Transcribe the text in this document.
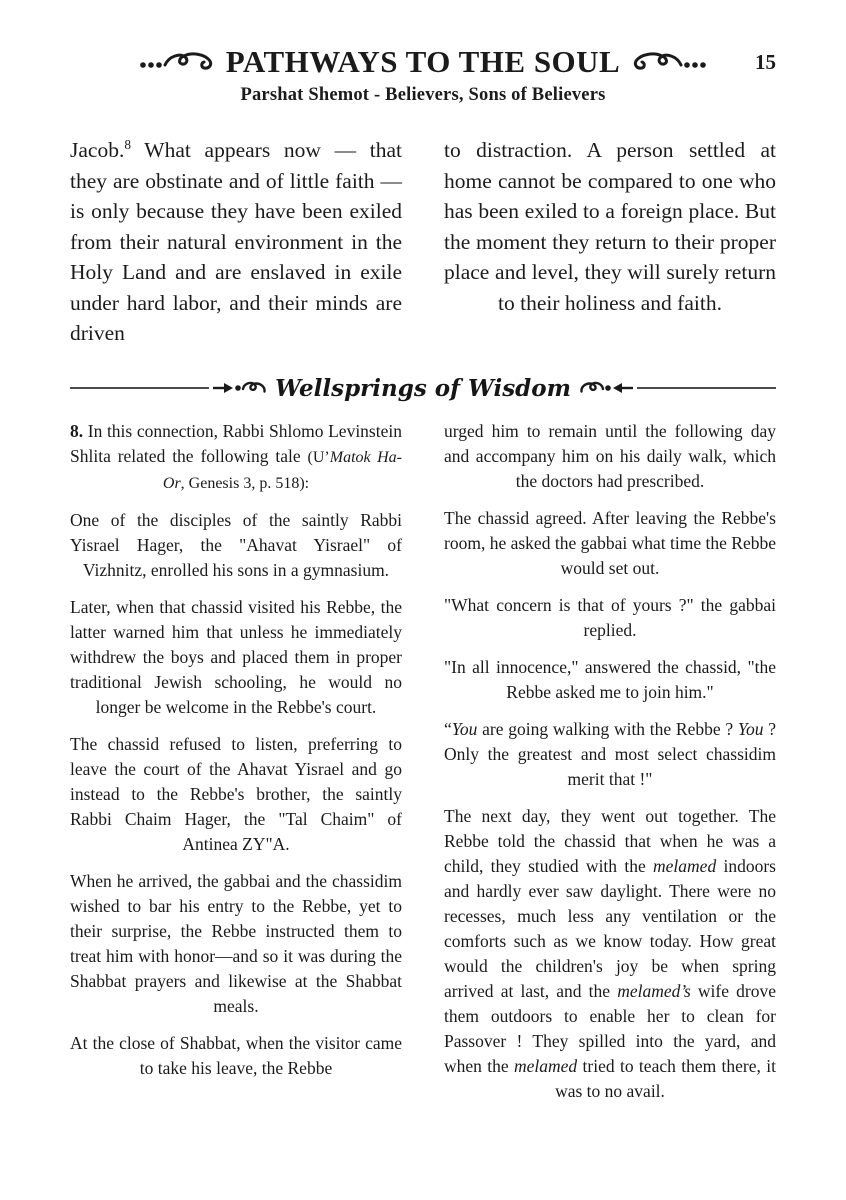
PATHWAYS TO THE SOUL	15
Parshat Shemot - Believers, Sons of Believers

Jacob.$^8$ What appears now — that they are obstinate and of little faith — is only because they have been exiled from their natural environment in the Holy Land and are enslaved in exile under hard labor, and their minds are driven

to distraction. A person settled at home cannot be compared to one who has been exiled to a foreign place. But the moment they return to their proper place and level, they will surely return to their holiness and faith.

Wellsprings of Wisdom

8. In this connection, Rabbi Shlomo Levinstein Shlita related the following tale (U’Matok Ha-Or, Genesis 3, p. 518):

One of the disciples of the saintly Rabbi Yisrael Hager, the "Ahavat Yisrael" of Vizhnitz, enrolled his sons in a gymnasium.

Later, when that chassid visited his Rebbe, the latter warned him that unless he immediately withdrew the boys and placed them in proper traditional Jewish schooling, he would no longer be welcome in the Rebbe's court.

The chassid refused to listen, preferring to leave the court of the Ahavat Yisrael and go instead to the Rebbe's brother, the saintly Rabbi Chaim Hager, the "Tal Chaim" of Antinea ZY"A.

When he arrived, the gabbai and the chassidim wished to bar his entry to the Rebbe, yet to their surprise, the Rebbe instructed them to treat him with honor—and so it was during the Shabbat prayers and likewise at the Shabbat meals.

At the close of Shabbat, when the visitor came to take his leave, the Rebbe

urged him to remain until the following day and accompany him on his daily walk, which the doctors had prescribed.

The chassid agreed. After leaving the Rebbe's room, he asked the gabbai what time the Rebbe would set out.

"What concern is that of yours ?" the gabbai replied.

"In all innocence," answered the chassid, "the Rebbe asked me to join him."

“You are going walking with the Rebbe ? You ? Only the greatest and most select chassidim merit that !"

The next day, they went out together. The Rebbe told the chassid that when he was a child, they studied with the melamed indoors and hardly ever saw daylight. There were no recesses, much less any ventilation or the comforts such as we know today. How great would the children's joy be when spring arrived at last, and the melamed’s wife drove them outdoors to enable her to clean for Passover ! They spilled into the yard, and when the melamed tried to teach them there, it was to no avail.
